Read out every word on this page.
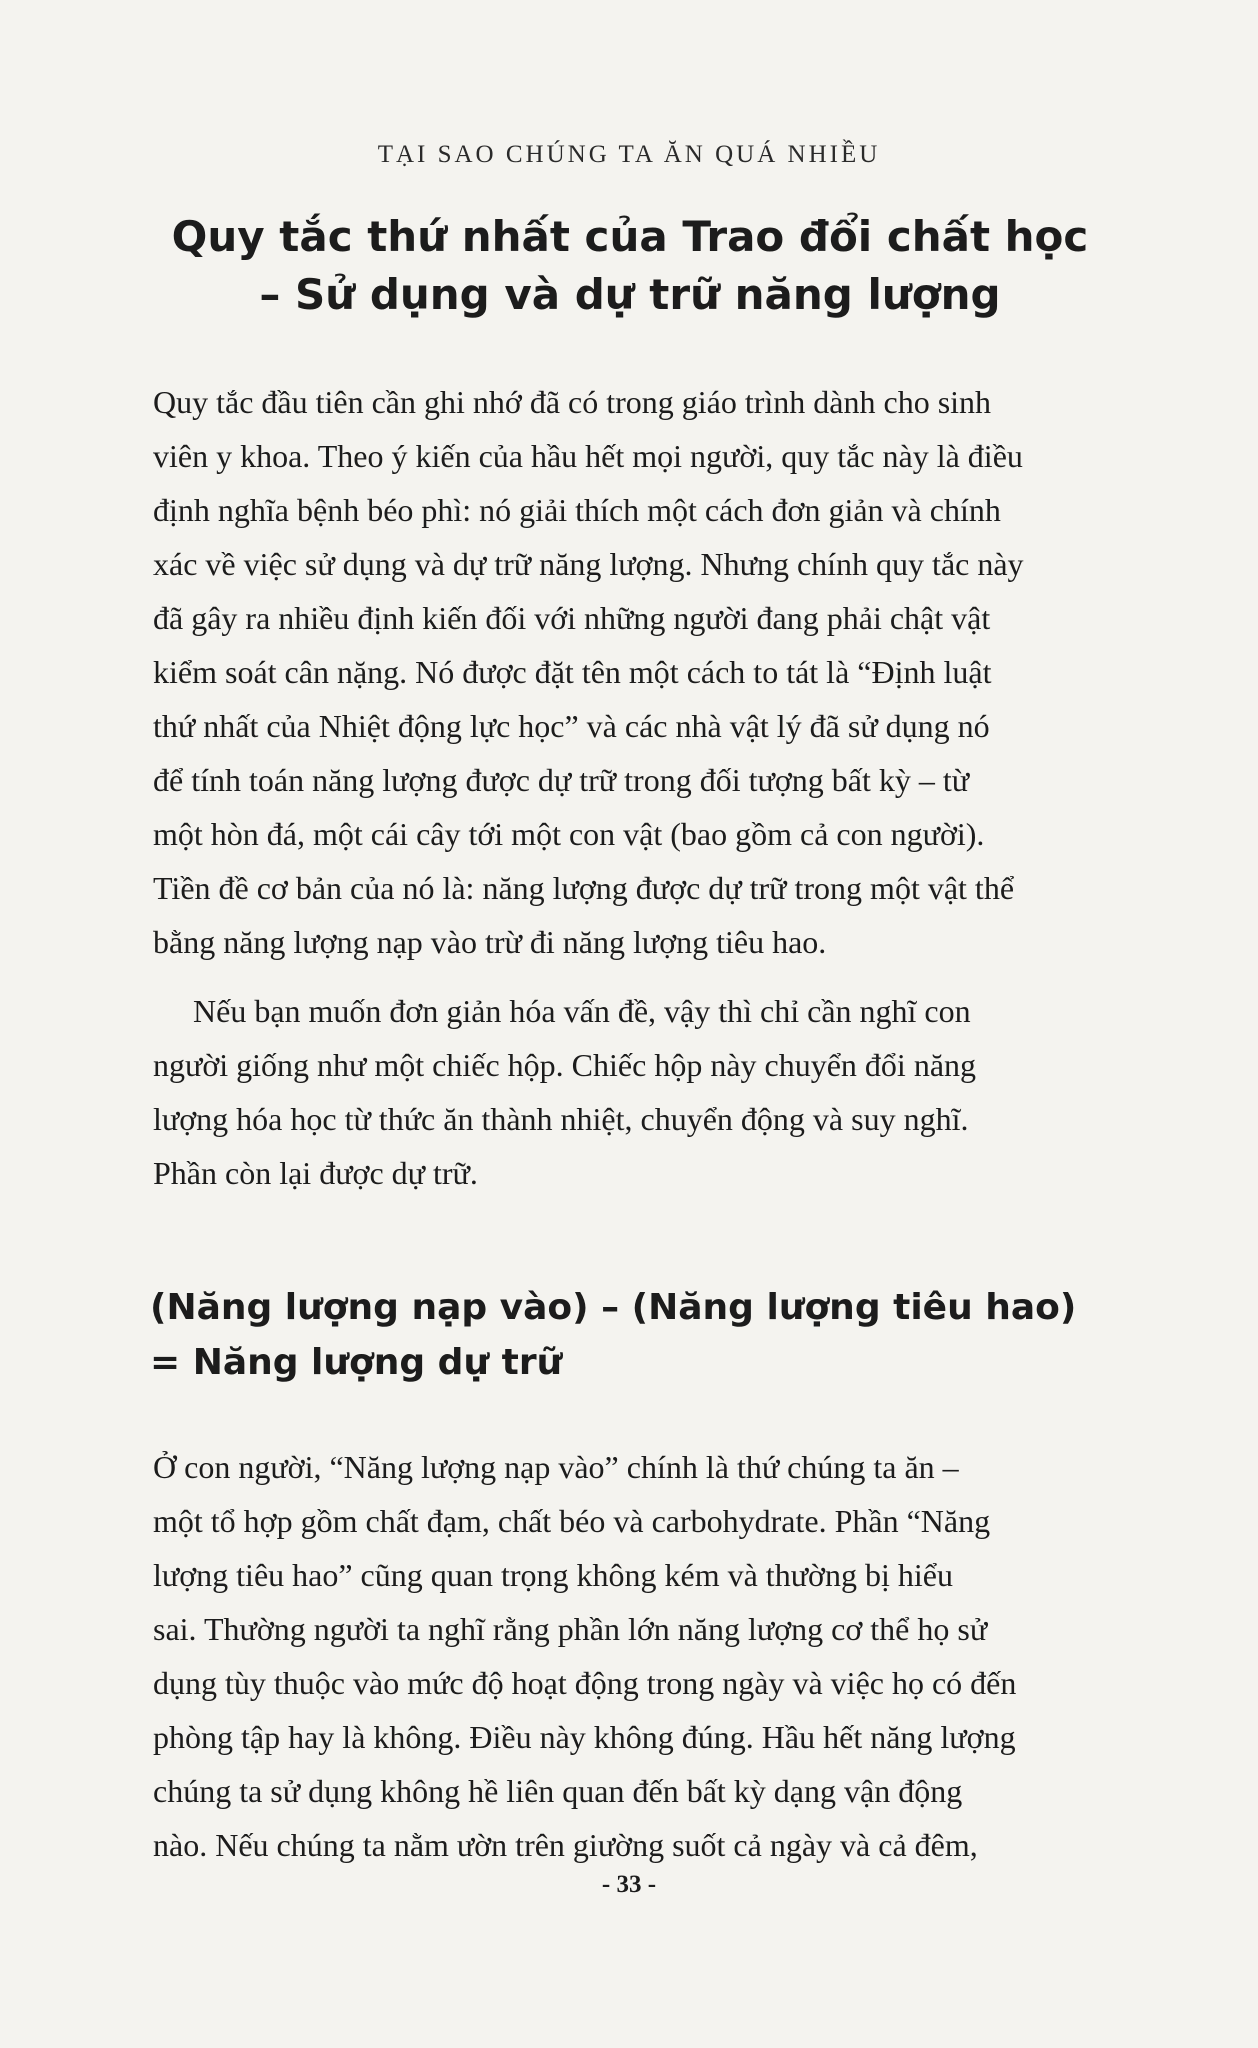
TẠI SAO CHÚNG TA ĂN QUÁ NHIỀU
Quy tắc thứ nhất của Trao đổi chất học
– Sử dụng và dự trữ năng lượng
Quy tắc đầu tiên cần ghi nhớ đã có trong giáo trình dành cho sinh
viên y khoa. Theo ý kiến của hầu hết mọi người, quy tắc này là điều
định nghĩa bệnh béo phì: nó giải thích một cách đơn giản và chính
xác về việc sử dụng và dự trữ năng lượng. Nhưng chính quy tắc này
đã gây ra nhiều định kiến đối với những người đang phải chật vật
kiểm soát cân nặng. Nó được đặt tên một cách to tát là “Định luật
thứ nhất của Nhiệt động lực học” và các nhà vật lý đã sử dụng nó
để tính toán năng lượng được dự trữ trong đối tượng bất kỳ – từ
một hòn đá, một cái cây tới một con vật (bao gồm cả con người).
Tiền đề cơ bản của nó là: năng lượng được dự trữ trong một vật thể
bằng năng lượng nạp vào trừ đi năng lượng tiêu hao.
Nếu bạn muốn đơn giản hóa vấn đề, vậy thì chỉ cần nghĩ con
người giống như một chiếc hộp. Chiếc hộp này chuyển đổi năng
lượng hóa học từ thức ăn thành nhiệt, chuyển động và suy nghĩ.
Phần còn lại được dự trữ.
(Năng lượng nạp vào) – (Năng lượng tiêu hao)
= Năng lượng dự trữ
Ở con người, “Năng lượng nạp vào” chính là thứ chúng ta ăn –
một tổ hợp gồm chất đạm, chất béo và carbohydrate. Phần “Năng
lượng tiêu hao” cũng quan trọng không kém và thường bị hiểu
sai. Thường người ta nghĩ rằng phần lớn năng lượng cơ thể họ sử
dụng tùy thuộc vào mức độ hoạt động trong ngày và việc họ có đến
phòng tập hay là không. Điều này không đúng. Hầu hết năng lượng
chúng ta sử dụng không hề liên quan đến bất kỳ dạng vận động
nào. Nếu chúng ta nằm ườn trên giường suốt cả ngày và cả đêm,
- 33 -
